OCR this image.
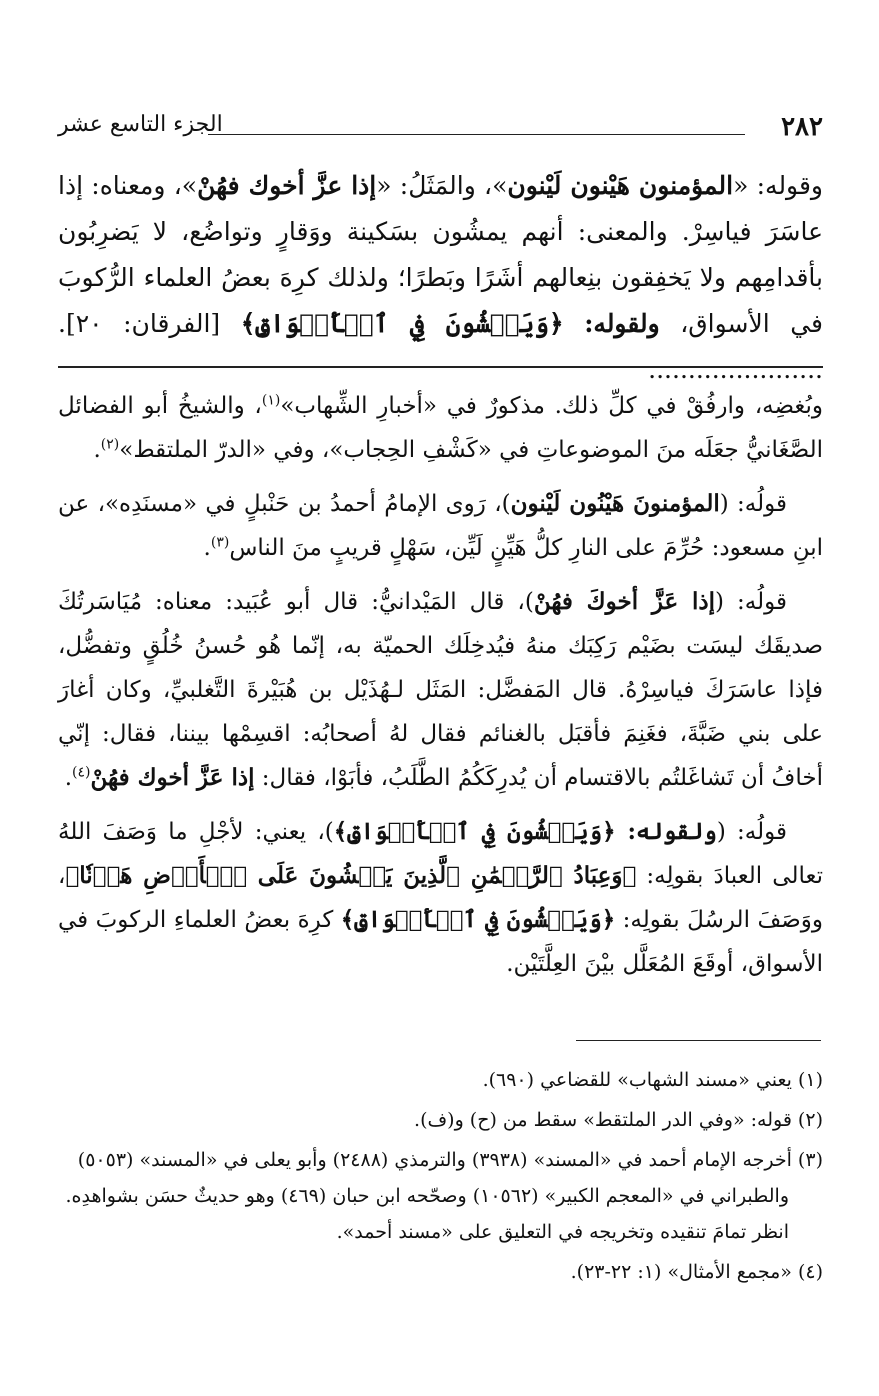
٢٨٢
الجزء التاسع عشر

وقوله: «المؤمنون هَيْنون لَيْنون»، والمَثَلُ: «إذا عزَّ أخوك فهُنْ»، ومعناه: إذا عاسَرَ فياسِرْ. والمعنى: أنهم يمشُون بسَكينة ووَقارٍ وتواضُع، لا يَضرِبُون بأقدامِهم ولا يَخفِقون بنِعالهم أشَرًا وبَطرًا؛ ولذلك كرِهَ بعضُ العلماء الرُّكوبَ في الأسواق، ولقوله: ﴿وَيَمۡشُونَ فِي ٱلۡأَسۡوَاقِ﴾ [الفرقان: ٢٠]. ......................

وبُغضِه، وارفُقْ في كلِّ ذلك. مذكورٌ في «أخبارِ الشِّهاب»$^{(١)}$، والشيخُ أبو الفضائل الصَّغَانيُّ جعَلَه منَ الموضوعاتِ في «كَشْفِ الحِجاب»، وفي «الدرّ الملتقط»$^{(٢)}$.

قولُه: (المؤمنونَ هَيْنُون لَيْنون)، رَوى الإمامُ أحمدُ بن حَنْبلٍ في «مسنَدِه»، عن ابنِ مسعود: حُرِّمَ على النارِ كلُّ هَيِّنٍ لَيِّن، سَهْلٍ قريبٍ منَ الناس$^{(٣)}$.

قولُه: (إذا عَزَّ أخوكَ فهُنْ)، قال المَيْدانيُّ: قال أبو عُبَيد: معناه: مُيَاسَرتُكَ صديقَك ليسَت بضَيْم رَكِبَك منهُ فيُدخِلَك الحميّة به، إنّما هُو حُسنُ خُلُقٍ وتفضُّل، فإذا عاسَرَكَ فياسِرْهُ. قال المَفضَّل: المَثَل لـهُذَيْل بن هُبَيْرةَ التَّغلبيِّ، وكان أغارَ على بني ضَبَّةَ، فغَنِمَ فأقبَل بالغنائم فقال لهُ أصحابُه: اقسِمْها بيننا، فقال: إنّي أخافُ أن تَشاغَلتُم بالاقتسام أن يُدرِكَكُمُ الطَّلَبُ، فأبَوْا، فقال: إذا عَزَّ أخوك فهُنْ$^{(٤)}$.

قولُه: (ولقوله: ﴿وَيَمۡشُونَ فِي ٱلۡأَسۡوَاقِ﴾)، يعني: لأجْلِ ما وَصَفَ اللهُ تعالى العبادَ بقولِه: ﴿وَعِبَادُ ٱلرَّحۡمَٰنِ ٱلَّذِينَ يَمۡشُونَ عَلَى ٱلۡأَرۡضِ هَوۡنٗا﴾، ووَصَفَ الرسُلَ بقولِه: ﴿وَيَمۡشُونَ فِي ٱلۡأَسۡوَاقِ﴾ كرِهَ بعضُ العلماءِ الركوبَ في الأسواق، أوقَعَ المُعَلَّل بيْنَ العِلَّتَيْن.

(١) يعني «مسند الشهاب» للقضاعي (٦٩٠).

(٢) قوله: «وفي الدر الملتقط» سقط من (ح) و(ف).

(٣) أخرجه الإمام أحمد في «المسند» (٣٩٣٨) والترمذي (٢٤٨٨) وأبو يعلى في «المسند» (٥٠٥٣)
والطبراني في «المعجم الكبير» (١٠٥٦٢) وصحّحه ابن حبان (٤٦٩) وهو حديثٌ حسَن بشواهدِه.
انظر تمامَ تنقيده وتخريجه في التعليق على «مسند أحمد».

(٤) «مجمع الأمثال» (١: ٢٢-٢٣).
